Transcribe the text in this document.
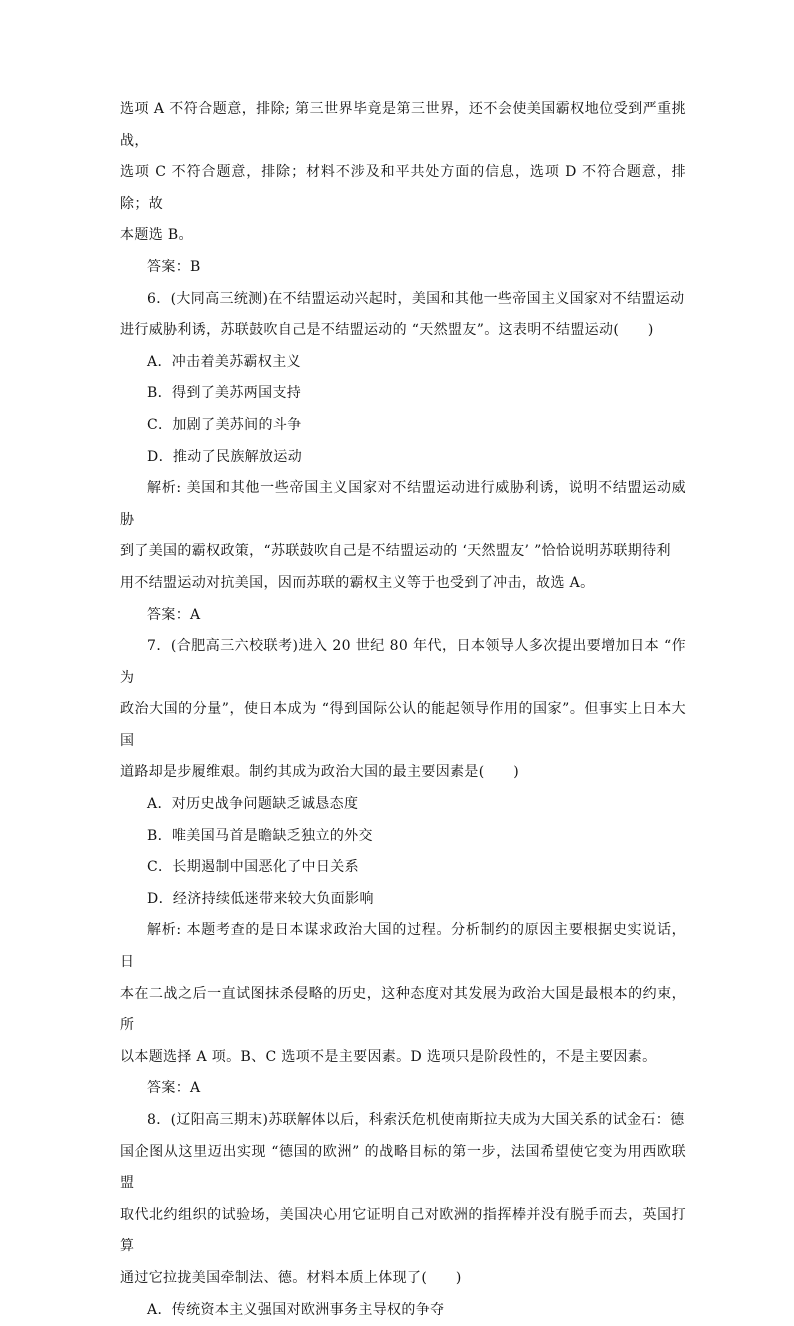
选项 A 不符合题意，排除; 第三世界毕竟是第三世界，还不会使美国霸权地位受到严重挑战，

选项 C 不符合题意，排除；材料不涉及和平共处方面的信息，选项 D 不符合题意，排除；故

本题选 B。

答案：B

6．(大同高三统测)在不结盟运动兴起时，美国和其他一些帝国主义国家对不结盟运动

进行威胁利诱，苏联鼓吹自己是不结盟运动的 “天然盟友”。这表明不结盟运动(　　)

A．冲击着美苏霸权主义

B．得到了美苏两国支持

C．加剧了美苏间的斗争

D．推动了民族解放运动

解析: 美国和其他一些帝国主义国家对不结盟运动进行威胁利诱，说明不结盟运动威胁

到了美国的霸权政策，“苏联鼓吹自己是不结盟运动的 ‘天然盟友’ ”恰恰说明苏联期待利

用不结盟运动对抗美国，因而苏联的霸权主义等于也受到了冲击，故选 A。

答案：A

7．(合肥高三六校联考)进入 20 世纪 80 年代，日本领导人多次提出要增加日本 “作为

政治大国的分量”，使日本成为 “得到国际公认的能起领导作用的国家”。但事实上日本大国

道路却是步履维艰。制约其成为政治大国的最主要因素是(　　)

A．对历史战争问题缺乏诚恳态度

B．唯美国马首是瞻缺乏独立的外交

C．长期遏制中国恶化了中日关系

D．经济持续低迷带来较大负面影响

解析: 本题考查的是日本谋求政治大国的过程。分析制约的原因主要根据史实说话，日

本在二战之后一直试图抹杀侵略的历史，这种态度对其发展为政治大国是最根本的约束，所

以本题选择 A 项。B、C 选项不是主要因素。D 选项只是阶段性的，不是主要因素。

答案：A

8．(辽阳高三期末)苏联解体以后，科索沃危机使南斯拉夫成为大国关系的试金石：德

国企图从这里迈出实现 “德国的欧洲” 的战略目标的第一步，法国希望使它变为用西欧联盟

取代北约组织的试验场，美国决心用它证明自己对欧洲的指挥棒并没有脱手而去，英国打算

通过它拉拢美国牵制法、德。材料本质上体现了(　　)

A．传统资本主义强国对欧洲事务主导权的争夺
